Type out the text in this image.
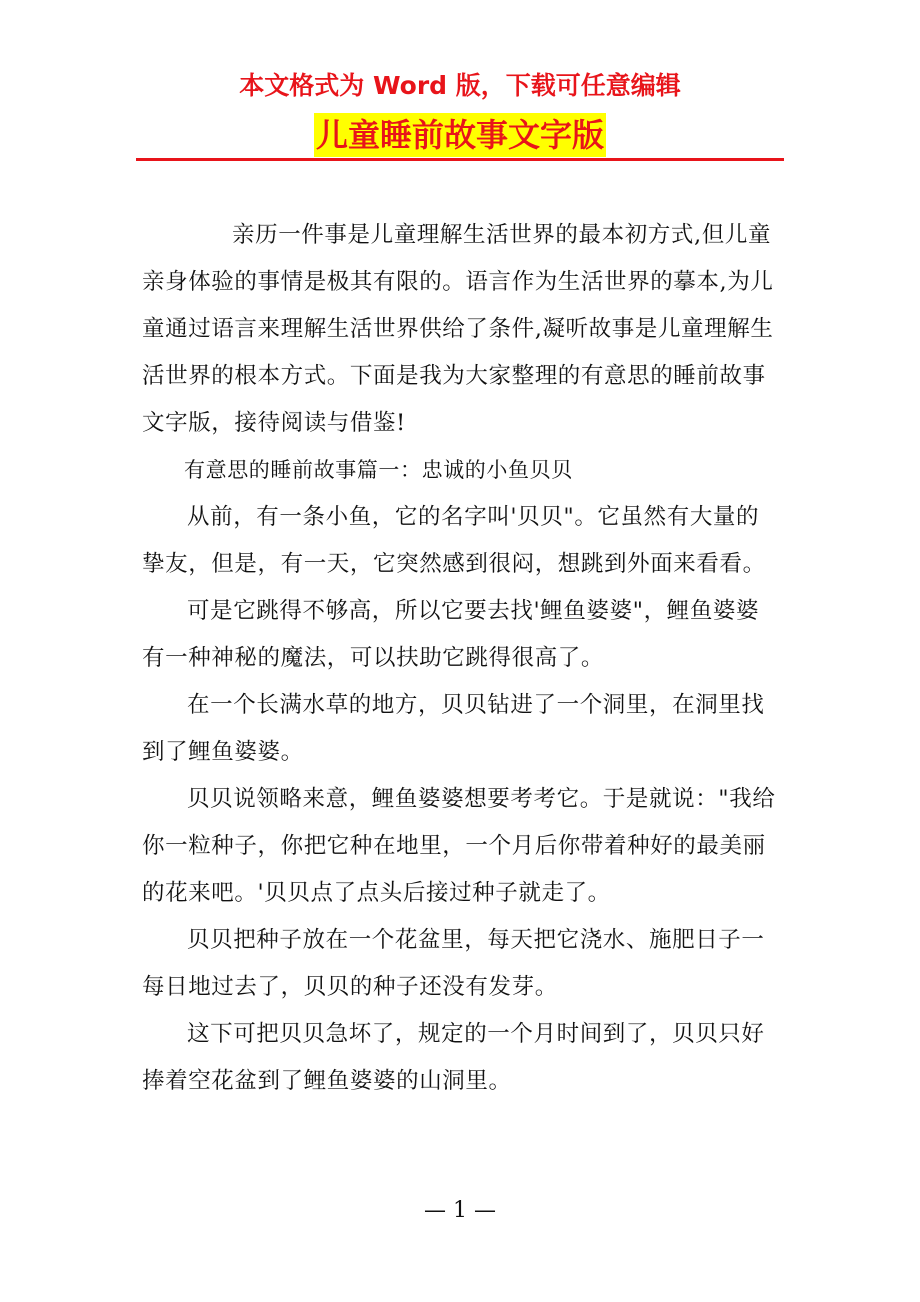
本文格式为 Word 版，下载可任意编辑
儿童睡前故事文字版

亲历一件事是儿童理解生活世界的最本初方式,但儿童亲身体验的事情是极其有限的。语言作为生活世界的摹本,为儿童通过语言来理解生活世界供给了条件,凝听故事是儿童理解生活世界的根本方式。下面是我为大家整理的有意思的睡前故事文字版，接待阅读与借鉴!

有意思的睡前故事篇一：忠诚的小鱼贝贝

从前，有一条小鱼，它的名字叫'贝贝"。它虽然有大量的挚友，但是，有一天，它突然感到很闷，想跳到外面来看看。

可是它跳得不够高，所以它要去找'鲤鱼婆婆"，鲤鱼婆婆有一种神秘的魔法，可以扶助它跳得很高了。

在一个长满水草的地方，贝贝钻进了一个洞里，在洞里找到了鲤鱼婆婆。

贝贝说领略来意，鲤鱼婆婆想要考考它。于是就说："我给你一粒种子，你把它种在地里，一个月后你带着种好的最美丽的花来吧。'贝贝点了点头后接过种子就走了。

贝贝把种子放在一个花盆里，每天把它浇水、施肥日子一每日地过去了，贝贝的种子还没有发芽。

这下可把贝贝急坏了，规定的一个月时间到了，贝贝只好捧着空花盆到了鲤鱼婆婆的山洞里。

— 1 —
